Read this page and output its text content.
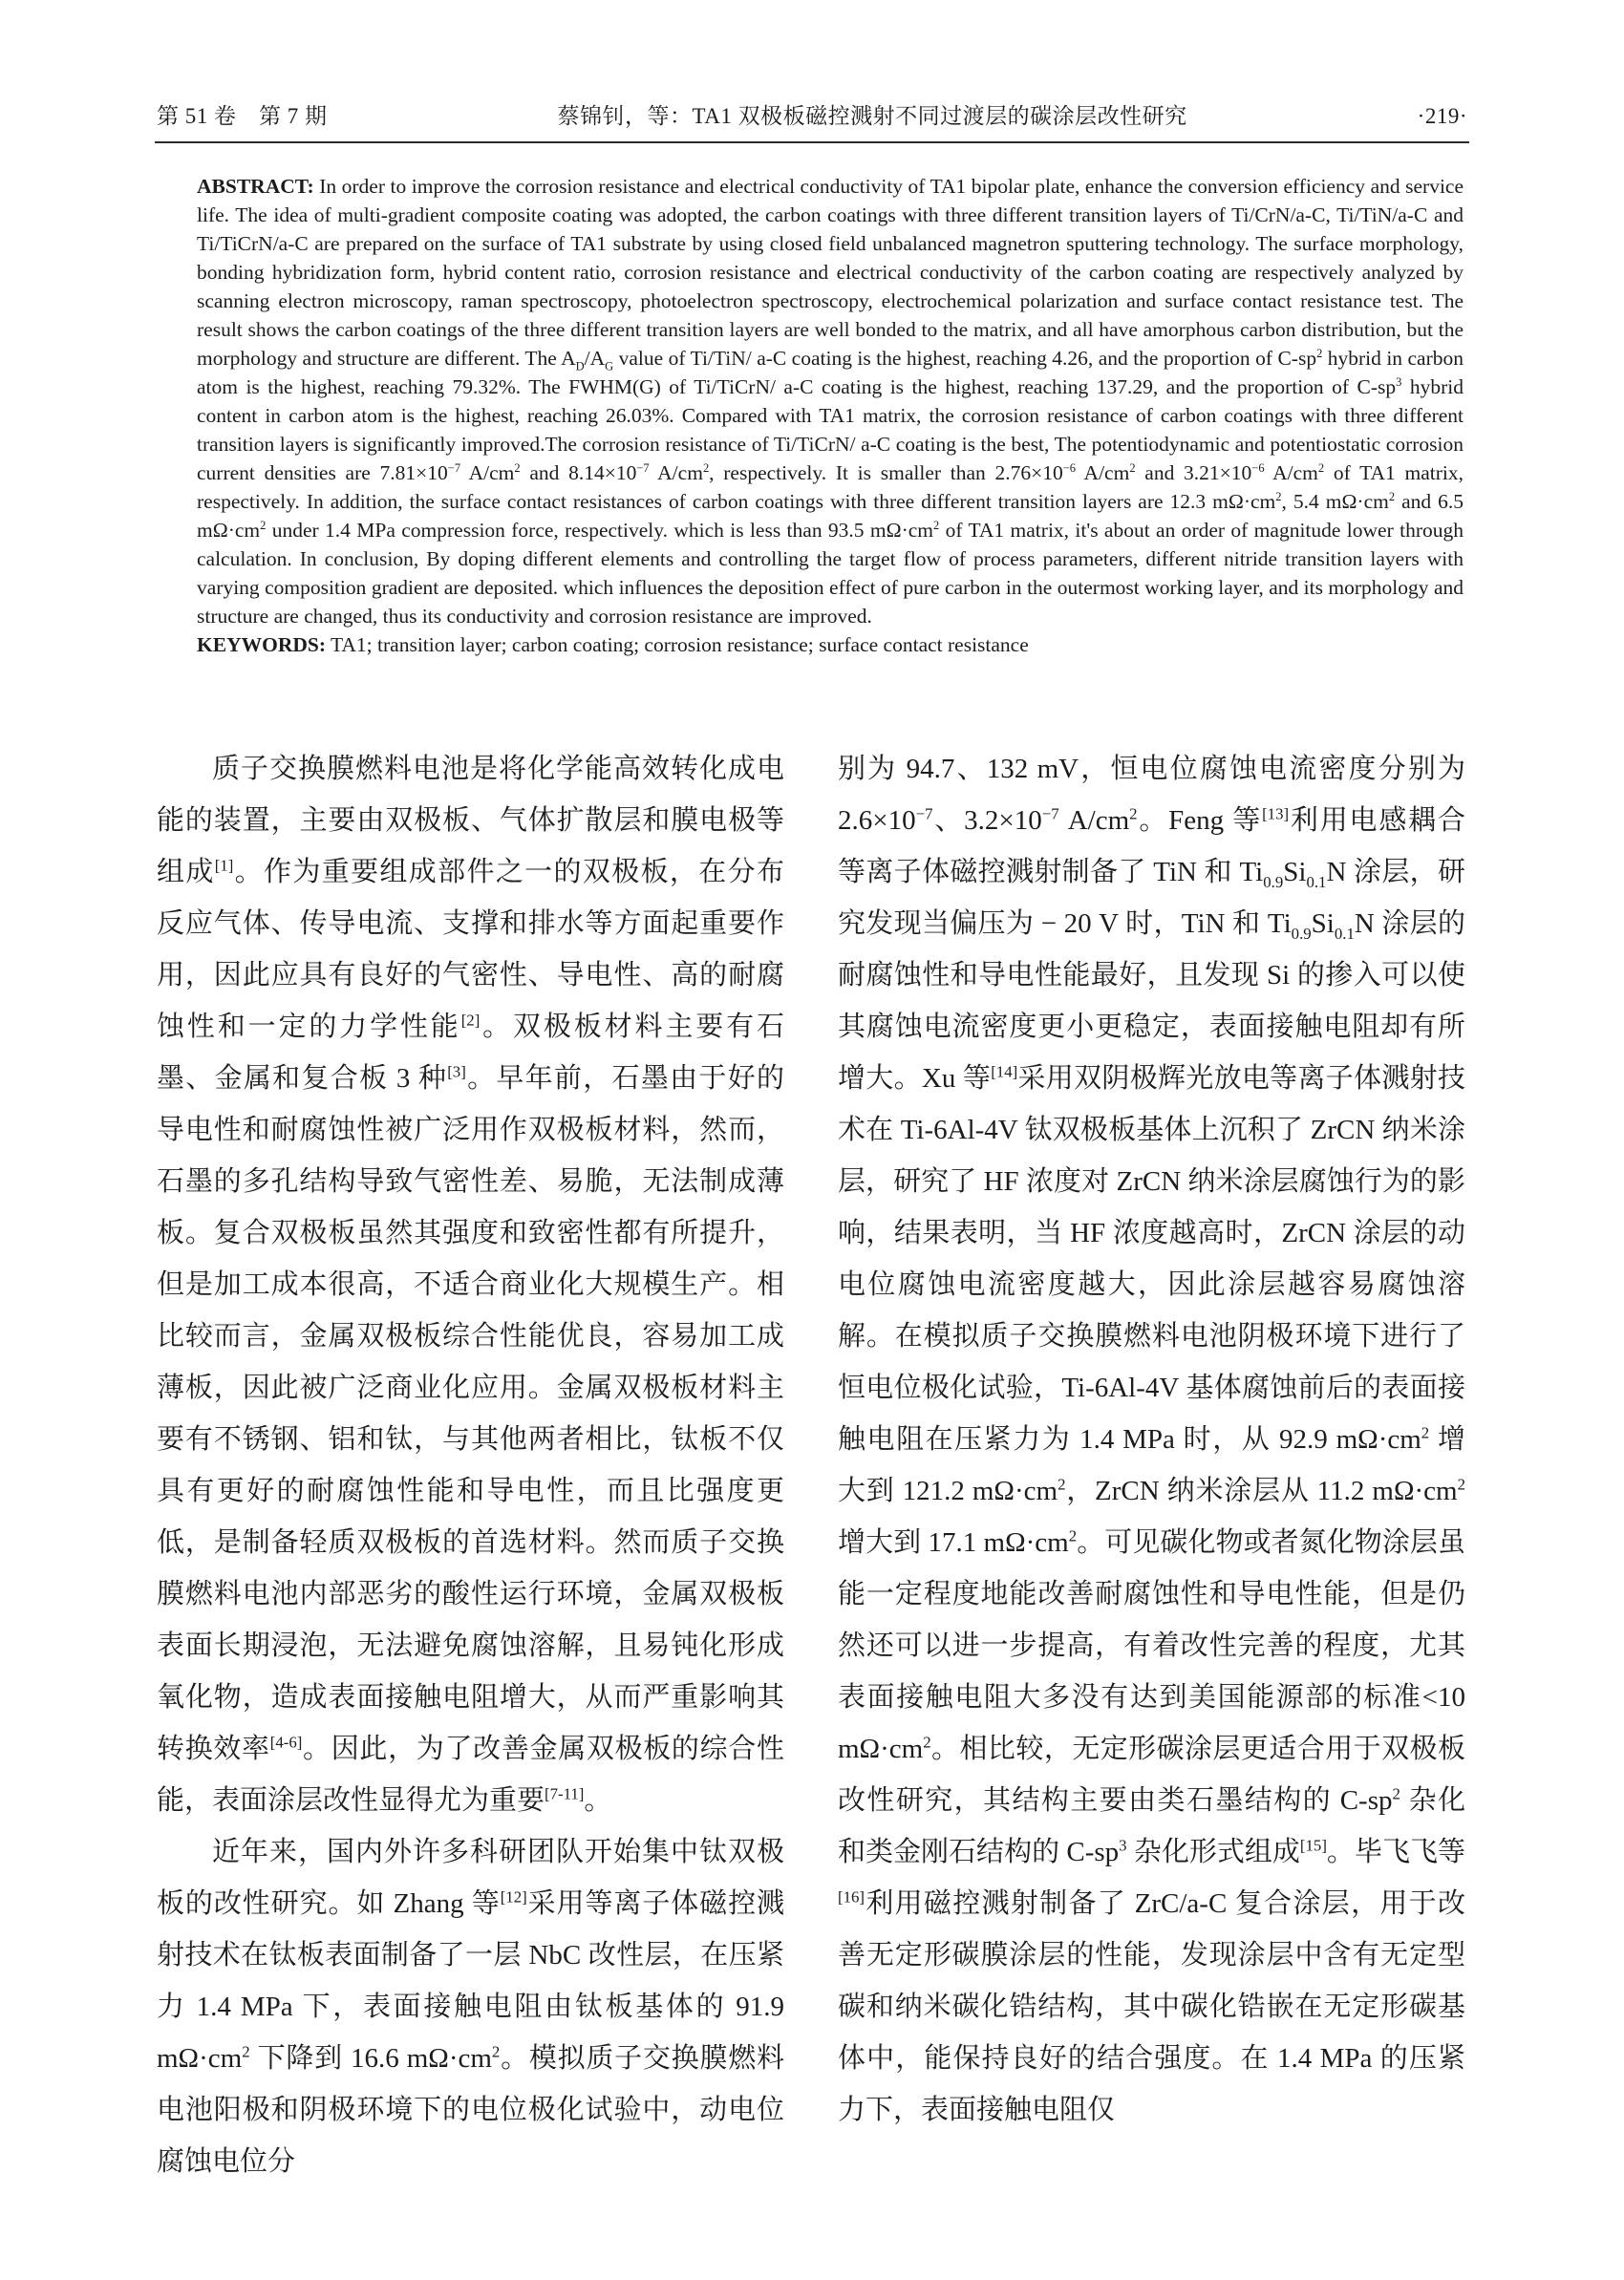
第 51 卷　第 7 期	蔡锦钊，等：TA1 双极板磁控溅射不同过渡层的碳涂层改性研究	·219·

ABSTRACT: In order to improve the corrosion resistance and electrical conductivity of TA1 bipolar plate, enhance the conversion efficiency and service life. The idea of multi-gradient composite coating was adopted, the carbon coatings with three different transition layers of Ti/CrN/a-C, Ti/TiN/a-C and Ti/TiCrN/a-C are prepared on the surface of TA1 substrate by using closed field unbalanced magnetron sputtering technology. The surface morphology, bonding hybridization form, hybrid content ratio, corrosion resistance and electrical conductivity of the carbon coating are respectively analyzed by scanning electron microscopy, raman spectroscopy, photoelectron spectroscopy, electrochemical polarization and surface contact resistance test. The result shows the carbon coatings of the three different transition layers are well bonded to the matrix, and all have amorphous carbon distribution, but the morphology and structure are different. The $A_D/A_G$ value of Ti/TiN/ a-C coating is the highest, reaching 4.26, and the proportion of $C-sp^2$ hybrid in carbon atom is the highest, reaching 79.32%. The FWHM(G) of Ti/TiCrN/ a-C coating is the highest, reaching 137.29, and the proportion of $C-sp^3$ hybrid content in carbon atom is the highest, reaching 26.03%. Compared with TA1 matrix, the corrosion resistance of carbon coatings with three different transition layers is significantly improved.The corrosion resistance of Ti/TiCrN/ a-C coating is the best, The potentiodynamic and potentiostatic corrosion current densities are $7.81\times 10^{-7}$ $A/cm^2$ and $8.14\times 10^{-7}$ $A/cm^2$, respectively. It is smaller than $2.76\times 10^{-6}$ $A/cm^2$ and $3.21\times 10^{-6}$ $A/cm^2$ of TA1 matrix, respectively. In addition, the surface contact resistances of carbon coatings with three different transition layers are 12.3 $m\Omega\cdot cm^2$, 5.4 $m\Omega\cdot cm^2$ and 6.5 $m\Omega\cdot cm^2$ under 1.4 MPa compression force, respectively. which is less than 93.5 $m\Omega\cdot cm^2$ of TA1 matrix, it's about an order of magnitude lower through calculation. In conclusion, By doping different elements and controlling the target flow of process parameters, different nitride transition layers with varying composition gradient are deposited. which influences the deposition effect of pure carbon in the outermost working layer, and its morphology and structure are changed, thus its conductivity and corrosion resistance are improved.

KEYWORDS: TA1; transition layer; carbon coating; corrosion resistance; surface contact resistance

质子交换膜燃料电池是将化学能高效转化成电能的装置，主要由双极板、气体扩散层和膜电极等组成[1]。作为重要组成部件之一的双极板，在分布反应气体、传导电流、支撑和排水等方面起重要作用，因此应具有良好的气密性、导电性、高的耐腐蚀性和一定的力学性能[2]。双极板材料主要有石墨、金属和复合板 3 种[3]。早年前，石墨由于好的导电性和耐腐蚀性被广泛用作双极板材料，然而，石墨的多孔结构导致气密性差、易脆，无法制成薄板。复合双极板虽然其强度和致密性都有所提升，但是加工成本很高，不适合商业化大规模生产。相比较而言，金属双极板综合性能优良，容易加工成薄板，因此被广泛商业化应用。金属双极板材料主要有不锈钢、铝和钛，与其他两者相比，钛板不仅具有更好的耐腐蚀性能和导电性，而且比强度更低，是制备轻质双极板的首选材料。然而质子交换膜燃料电池内部恶劣的酸性运行环境，金属双极板表面长期浸泡，无法避免腐蚀溶解，且易钝化形成氧化物，造成表面接触电阻增大，从而严重影响其转换效率[4-6]。因此，为了改善金属双极板的综合性能，表面涂层改性显得尤为重要[7-11]。

近年来，国内外许多科研团队开始集中钛双极板的改性研究。如 Zhang 等[12]采用等离子体磁控溅射技术在钛板表面制备了一层 NbC 改性层，在压紧力 1.4 MPa 下，表面接触电阻由钛板基体的 91.9 $m\Omega\cdot cm^2$ 下降到 16.6 $m\Omega\cdot cm^2$。模拟质子交换膜燃料电池阳极和阴极环境下的电位极化试验中，动电位腐蚀电位分

别为 94.7、132 mV，恒电位腐蚀电流密度分别为 $2.6\times 10^{-7}$、$3.2\times 10^{-7}$ $A/cm^2$。Feng 等[13]利用电感耦合等离子体磁控溅射制备了 TiN 和 $Ti_{0.9}Si_{0.1}N$ 涂层，研究发现当偏压为 − 20 V 时，TiN 和 $Ti_{0.9}Si_{0.1}N$ 涂层的耐腐蚀性和导电性能最好，且发现 Si 的掺入可以使其腐蚀电流密度更小更稳定，表面接触电阻却有所增大。Xu 等[14]采用双阴极辉光放电等离子体溅射技术在 Ti-6Al-4V 钛双极板基体上沉积了 ZrCN 纳米涂层，研究了 HF 浓度对 ZrCN 纳米涂层腐蚀行为的影响，结果表明，当 HF 浓度越高时，ZrCN 涂层的动电位腐蚀电流密度越大，因此涂层越容易腐蚀溶解。在模拟质子交换膜燃料电池阴极环境下进行了恒电位极化试验，Ti-6Al-4V 基体腐蚀前后的表面接触电阻在压紧力为 1.4 MPa 时，从 92.9 $m\Omega\cdot cm^2$ 增大到 121.2 $m\Omega\cdot cm^2$，ZrCN 纳米涂层从 11.2 $m\Omega\cdot cm^2$增大到 17.1 $m\Omega\cdot cm^2$。可见碳化物或者氮化物涂层虽能一定程度地能改善耐腐蚀性和导电性能，但是仍然还可以进一步提高，有着改性完善的程度，尤其表面接触电阻大多没有达到美国能源部的标准<10 $m\Omega\cdot cm^2$。相比较，无定形碳涂层更适合用于双极板改性研究，其结构主要由类石墨结构的 $C-sp^2$ 杂化和类金刚石结构的 $C-sp^3$ 杂化形式组成[15]。毕飞飞等[16]利用磁控溅射制备了 ZrC/a-C 复合涂层，用于改善无定形碳膜涂层的性能，发现涂层中含有无定型碳和纳米碳化锆结构，其中碳化锆嵌在无定形碳基体中，能保持良好的结合强度。在 1.4 MPa 的压紧力下，表面接触电阻仅
